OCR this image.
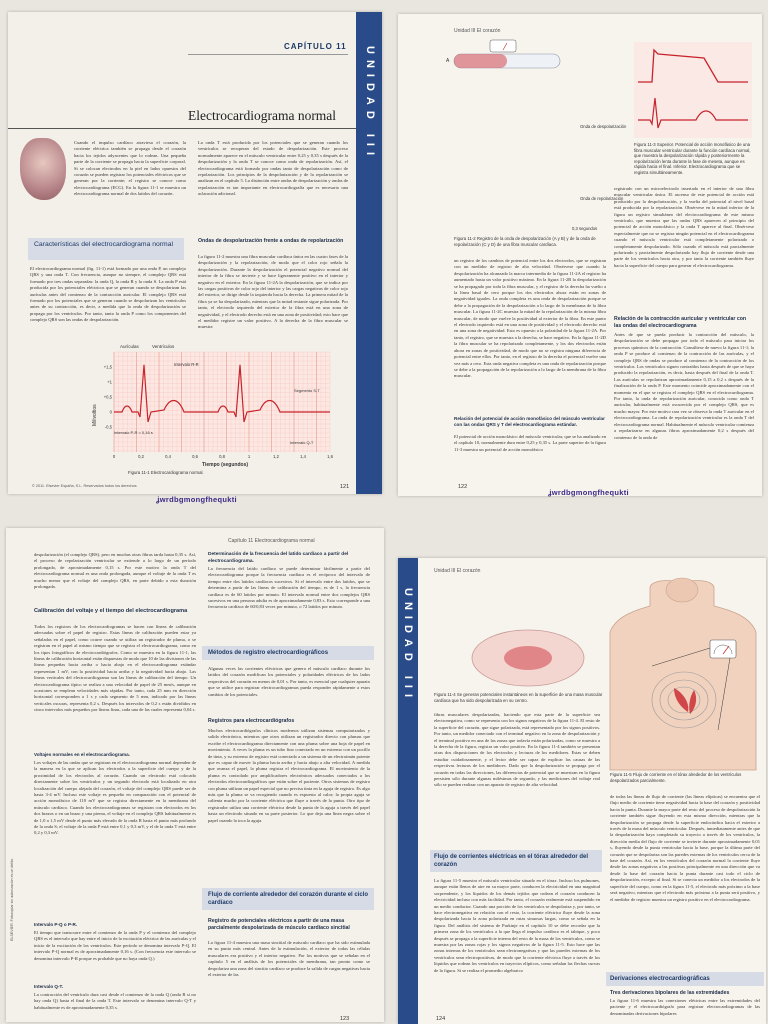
UNIDAD III
CAPÍTULO 11
Electrocardiograma normal
Cuando el impulso cardíaco atraviesa el corazón, la corriente eléctrica también se propaga desde el corazón hacia los tejidos adyacentes que lo rodean. Una pequeña parte de la corriente se propaga hacia la superficie corporal. Si se colocan electrodos en la piel en lados opuestos del corazón se pueden registrar los potenciales eléctricos que se generan por la corriente; el registro se conoce como electrocardiograma (ECG). En la figura 11-1 se muestra un electrocardiograma normal de dos latidos del corazón.
La onda T está producida por los potenciales que se generan cuando los ventrículos se recuperan del estado de despolarización. Este proceso normalmente aparece en el músculo ventricular entre 0,25 y 0,35 s después de la despolarización y la onda T se conoce como onda de repolarización. Así, el electrocardiograma está formado por ondas tanto de despolarización como de repolarización. Los principios de la despolarización y de la repolarización se analizan en el capítulo 5. La distinción entre ondas de despolarización y ondas de repolarización es tan importante en electrocardiografía que es necesario una aclaración adicional.
Características del electrocardiograma normal
El electrocardiograma normal (fig. 11-1) está formado por una onda P, un complejo QRS y una onda T. Con frecuencia, aunque no siempre, el complejo QRS está formado por tres ondas separadas: la onda Q, la onda R y la onda S. La onda P está producida por los potenciales eléctricos que se generan cuando se despolarizan las aurículas antes del comienzo de la contracción auricular. El complejo QRS está formado por los potenciales que se generan cuando se despolarizan los ventrículos antes de su contracción, es decir, a medida que la onda de despolarización se propaga por los ventrículos. Por tanto, tanto la onda P como los componentes del complejo QRS son las ondas de despolarización.
Ondas de despolarización frente a ondas de repolarización
La figura 11-2 muestra una fibra muscular cardíaca única en las cuatro fases de la despolarización y la repolarización, de modo que el color rojo señala la despolarización. Durante la despolarización el potencial negativo normal del interior de la fibra se invierte y se hace ligeramente positivo en el interior y negativo en el exterior. En la figura 11-2A la despolarización, que se indica por las cargas positivas de color rojo del interior y las cargas negativas de color rojo del exterior, se dirige desde la izquierda hacia la derecha. La primera mitad de la fibra ya se ha despolarizado, mientras que la mitad restante sigue polarizada. Por tanto, el electrodo izquierdo del exterior de la fibra está en una zona de negatividad, y el electrodo derecho está en una zona de positividad; esto hace que el medidor registre un valor positivo. A la derecha de la fibra muscular se muestra
Milivoltios
Tiempo (segundos)
Aurículas	Ventrículos
Intervalo R-R
Intervalo P-R = 0,16 s
Intervalo Q-T
Segmento S-T
+1,5
+1
+0,5
0
-0,5
0	0,2	0,4	0,6	0,8	1	1,2	1,4	1,6
Figura 11-1 Electrocardiograma normal.
© 2011. Elsevier España, S.L. Reservados todos los derechos	121
ʝwrdbgmongfhequkti
Unidad III El corazón
A
Onda de despolarización
Onda de repolarización
0,3 segundos
Figura 11-2 Registro de la onda de despolarización (A y B) y de la onda de repolarización (C y D) de una fibra muscular cardíaca.
Figura 11-3 Superior. Potencial de acción monofásico de una fibra muscular ventricular durante la función cardíaca normal, que muestra la despolarización rápida y posteriormente la repolarización lenta durante la fase de meseta, aunque es rápida hacia el final. Inferior. Electrocardiograma que se registra simultáneamente.
un registro de los cambios de potencial entre los dos electrodos, que se registran con un medidor de registro de alta velocidad. Obsérvese que cuando la despolarización ha alcanzado la marca intermedia de la figura 11-2A el registro ha aumentado hasta un valor positivo máximo. En la figura 11-2B la despolarización se ha propagado por toda la fibra muscular, y el registro de la derecha ha vuelto a la línea basal de cero porque los dos electrodos ahora están en zonas de negatividad iguales. La onda completa es una onda de despolarización porque se debe a la propagación de la despolarización a lo largo de la membrana de la fibra muscular. La figura 11-2C muestra la mitad de la repolarización de la misma fibra muscular, de modo que vuelve la positividad al exterior de la fibra. En este punto el electrodo izquierdo está en una zona de positividad y el electrodo derecho está en una zona de negatividad. Esto es opuesto a la polaridad de la figura 11-2A. Por tanto, el registro, que se muestra a la derecha, se hace negativo. En la figura 11-2D la fibra muscular se ha repolarizado completamente, y los dos electrodos están ahora en zonas de positividad, de modo que no se registra ninguna diferencia de potencial entre ellos. Por tanto, en el registro de la derecha el potencial vuelve una vez más a cero. Esta onda negativa completa es una onda de repolarización porque se debe a la propagación de la repolarización a lo largo de la membrana de la fibra muscular.
Relación del potencial de acción monofásico del músculo ventricular con las ondas QRS y T del electrocardiograma estándar.
El potencial de acción monofásico del músculo ventricular, que se ha analizado en el capítulo 10, normalmente dura entre 0,25 y 0,35 s. La parte superior de la figura 11-3 muestra un potencial de acción monofásico
registrado con un microelectrodo insertado en el interior de una fibra muscular ventricular única. El ascenso de este potencial de acción está producido por la despolarización, y la vuelta del potencial al nivel basal está producida por la repolarización. Obsérvese en la mitad inferior de la figura un registro simultáneo del electrocardiograma de este mismo ventrículo, que muestra que las ondas QRS aparecen al principio del potencial de acción monofásico y la onda T aparece al final. Obsérvese especialmente que no se registra ningún potencial en el electrocardiograma cuando el músculo ventricular está completamente polarizado o completamente despolarizado. Sólo cuando el músculo está parcialmente polarizado y parcialmente despolarizado hay flujo de corriente desde una parte de los ventrículos hacia otra, y por tanto la corriente también fluye hacia la superficie del cuerpo para generar el electrocardiograma.
Relación de la contracción auricular y ventricular con las ondas del electrocardiograma
Antes de que se pueda producir la contracción del músculo, la despolarización se debe propagar por todo el músculo para iniciar los procesos químicos de la contracción. Consúltese de nuevo la figura 11-1; la onda P se produce al comienzo de la contracción de las aurículas, y el complejo QRS de ondas se produce al comienzo de la contracción de los ventrículos. Los ventrículos siguen contraídos hasta después de que se haya producido la repolarización, es decir, hasta después del final de la onda T. Las aurículas se repolarizan aproximadamente 0,15 a 0,2 s después de la finalización de la onda P. Este momento coincide aproximadamente con el momento en el que se registra el complejo QRS en el electrocardiograma. Por tanto, la onda de repolarización auricular, conocida como onda T auricular, habitualmente está oscurecida por el complejo QRS, que es mucho mayor. Por este motivo rara vez se observa la onda T auricular en el electrocardiograma. La onda de repolarización ventricular es la onda T del electrocardiograma normal. Habitualmente el músculo ventricular comienza a repolarizarse en algunas fibras aproximadamente 0,2 s después del comienzo de la onda de
122
ʝwrdbgmongfhequkti
Capítulo 11 Electrocardiograma normal
ELSEVIER. Fotocopiar sin autorización es un delito.
despolarización (el complejo QRS), pero en muchas otras fibras tarda hasta 0,35 s. Así, el proceso de repolarización ventricular se extiende a lo largo de un período prolongado, de aproximadamente 0,15 s. Por este motivo la onda T del electrocardiograma normal es una onda prolongada, aunque el voltaje de la onda T es mucho menor que el voltaje del complejo QRS, en parte debido a esta duración prolongada.
Calibración del voltaje y el tiempo del electrocardiograma
Todos los registros de los electrocardiogramas se hacen con líneas de calibración adecuadas sobre el papel de registro. Estas líneas de calibración pueden estar ya señaladas en el papel, como ocurre cuando se utiliza un registrador de pluma, o se registran en el papel al mismo tiempo que se registra el electrocardiograma, como en los tipos fotográficos de electrocardiógrafos. Como se muestra en la figura 11-1, las líneas de calibración horizontal están dispuestas de modo que 10 de las divisiones de las líneas pequeñas hacia arriba o hacia abajo en el electrocardiograma estándar representan 1 mV, con la positividad hacia arriba y la negatividad hacia abajo. Las líneas verticales del electrocardiograma son las líneas de calibración del tiempo. Un electrocardiograma típico se realiza a una velocidad de papel de 25 mm/s, aunque en ocasiones se emplean velocidades más rápidas. Por tanto, cada 25 mm en dirección horizontal corresponden a 1 s y cada segmento de 5 mm, indicado por las líneas verticales oscuras, representa 0,2 s. Después los intervalos de 0,2 s están divididos en cinco intervalos más pequeños por líneas finas, cada una de las cuales representa 0,04 s.
Voltajes normales en el electrocardiograma.
Los voltajes de las ondas que se registran en el electrocardiograma normal dependen de la manera en la que se aplican los electrodos a la superficie del cuerpo y de la proximidad de los electrodos al corazón. Cuando un electrodo está colocado directamente sobre los ventrículos y un segundo electrodo está localizado en otra localización del cuerpo alejada del corazón, el voltaje del complejo QRS puede ser de hasta 3-4 mV. Incluso este voltaje es pequeño en comparación con el potencial de acción monofásico de 110 mV que se registra directamente en la membrana del músculo cardíaco. Cuando los electrocardiogramas se registran con electrodos en los dos brazos o en un brazo y una pierna, el voltaje en el complejo QRS habitualmente es de 1,0 a 1,5 mV desde el punto más elevado de la onda R hasta el punto más profundo de la onda S; el voltaje de la onda P está entre 0,1 y 0,3 mV, y el de la onda T está entre 0,2 y 0,3 mV.
Intervalo P-Q o P-R.
El tiempo que transcurre entre el comienzo de la onda P y el comienzo del complejo QRS es el intervalo que hay entre el inicio de la excitación eléctrica de las aurículas y el inicio de la excitación de los ventrículos. Este período se denomina intervalo P-Q. El intervalo P-Q normal es de aproximadamente 0,16 s. (Con frecuencia este intervalo se denomina intervalo P-R porque es probable que no haya onda Q.)
Intervalo Q-T.
La contracción del ventrículo dura casi desde el comienzo de la onda Q (onda R si no hay onda Q) hasta el final de la onda T. Este intervalo se denomina intervalo Q-T y habitualmente es de aproximadamente 0,35 s.
Determinación de la frecuencia del latido cardíaco a partir del electrocardiograma.
La frecuencia del latido cardíaco se puede determinar fácilmente a partir del electrocardiograma porque la frecuencia cardíaca es el recíproco del intervalo de tiempo entre dos latidos cardíacos sucesivos. Si el intervalo entre dos latidos, que se determina a partir de las líneas de calibración del tiempo, es de 1 s, la frecuencia cardíaca es de 60 latidos por minuto. El intervalo normal entre dos complejos QRS sucesivos en una persona adulta es de aproximadamente 0,83 s. Esto corresponde a una frecuencia cardíaca de 60/0,83 veces por minuto, o 72 latidos por minuto.
Métodos de registro electrocardiográficos
Algunas veces las corrientes eléctricas que genera el músculo cardíaco durante los latidos del corazón modifican los potenciales y polaridades eléctricos de los lados respectivos del corazón en menos de 0,01 s. Por tanto, es esencial que cualquier aparato que se utilice para registrar electrocardiogramas pueda responder rápidamente a estos cambios de los potenciales.
Registros para electrocardiógrafos
Muchos electrocardiógrafos clínicos modernos utilizan sistemas computarizados y salida electrónica, mientras que otros utilizan un registrador directo con plumas que escribe el electrocardiograma directamente con una pluma sobre una hoja de papel en movimiento. A veces la pluma es un tubo fino conectado en un extremo con un pocillo de tinta, y su extremo de registro está conectado a un sistema de un electroimán potente que es capaz de mover la pluma hacia arriba y hacia abajo a alta velocidad. A medida que avanza el papel, la pluma registra el electrocardiograma. El movimiento de la pluma es controlado por amplificadores electrónicos adecuados conectados a los electrodos electrocardiográficos que están sobre el paciente. Otros sistemas de registro con pluma utilizan un papel especial que no precisa tinta en la aguja de registro. Es algo más que la pluma se va recogiendo cuando es expuesto al calor; la propia aguja se calienta mucho por la corriente eléctrica que fluye a través de la punta. Otro tipo de registrador utiliza una corriente eléctrica desde la punta de la aguja a través del papel hasta un electrodo situado en su parte posterior. Lo que deja una línea negra sobre el papel cuando la toca la aguja.
Flujo de corriente alrededor del corazón durante el ciclo cardíaco
Registro de potenciales eléctricos a partir de una masa parcialmente despolarizada de músculo cardíaco sincitial
La figura 11-4 muestra una masa sincitial de músculo cardíaco que ha sido estimulada en su punto más central. Antes de la estimulación, el exterior de todas las células musculares era positivo y el interior negativo. Por los motivos que se señalan en el capítulo 5 en el análisis de los potenciales de membrana, tan pronto como se despolariza una zona del sincitio cardíaco se produce la salida de cargas negativas hacia el exterior de las
123
UNIDAD III
Unidad III El corazón
Figura 11-4 Se generan potenciales instantáneos en la superficie de una masa muscular cardíaca que ha sido despolarizada en su centro.
Figura 11-5 Flujo de corriente en el tórax alrededor de los ventrículos despolarizados parcialmente.
fibras musculares despolarizadas, haciendo que esta parte de la superficie sea electronegativa, como se representa con los signos negativos de la figura 11-4. El resto de la superficie del corazón, que sigue polarizada, está representado por los signos positivos. Por tanto, un medidor conectado con el terminal negativo en la zona de despolarización y el terminal positivo en una de las zonas que todavía están polarizadas, como se muestra a la derecha de la figura, registra un valor positivo. En la figura 11-4 también se presentan otras dos disposiciones de los electrodos y lecturas de los medidores. Estas se deben estudiar cuidadosamente, y el lector debe ser capaz de explicar las causas de las respectivas lecturas de los medidores. Dado que la despolarización se propaga por el corazón en todas las direcciones, las diferencias de potencial que se muestran en la figura persisten sólo durante algunas milésimas de segundo, y las mediciones del voltaje real sólo se pueden realizar con un aparato de registro de alta velocidad.
Flujo de corrientes eléctricas en el tórax alrededor del corazón
La figura 11-5 muestra el músculo ventricular situado en el tórax. Incluso los pulmones, aunque están llenos de aire en su mayor parte, conducen la electricidad en una magnitud sorprendente, y los líquidos de los demás tejidos que rodean el corazón conducen la electricidad incluso con más facilidad. Por tanto, el corazón realmente está suspendido en un medio conductor. Cuando una porción de los ventrículos se despolariza y, por tanto, se hace electronegativa en relación con el resto, la corriente eléctrica fluye desde la zona despolarizada hacia la zona polarizada en rutas sinuosas largas, como se señala en la figura. Del análisis del sistema de Purkinje en el capítulo 10 se debe recordar que la primera zona de los ventrículos a la que llega el impulso cardíaco es el tabique, y poco después se propaga a la superficie interna del resto de la masa de los ventrículos, como se muestra por las zonas rojas y los signos negativos de la figura 11-5. Esto hace que las zonas internas de los ventrículos sean electronegativas y que las paredes externas de los ventrículos sean electropositivas, de modo que la corriente eléctrica fluye a través de los líquidos que rodean los ventrículos en trayectos elípticos, como señalan las flechas curvas de la figura. Si se realiza el promedio algebraico
de todas las líneas de flujo de corriente (las líneas elípticas) se encuentra que el flujo medio de corriente tiene negatividad hacia la base del corazón y positividad hacia la punta. Durante la mayor parte del resto del proceso de despolarización la corriente también sigue fluyendo en esta misma dirección, mientras que la despolarización se propaga desde la superficie endocárdica hacia el exterior a través de la masa del músculo ventricular. Después, inmediatamente antes de que la despolarización haya completado su trayecto a través de los ventrículos, la dirección media del flujo de corriente se invierte durante aproximadamente 0,01 s, fluyendo desde la punta ventricular hacia la base, porque la última parte del corazón que se despolariza son las paredes externas de los ventrículos cerca de la base del corazón. Así, en los ventrículos del corazón normal la corriente fluye desde las zonas negativas a las positivas principalmente en una dirección que va desde la base del corazón hacia la punta durante casi todo el ciclo de despolarización, excepto al final. Si se conecta un medidor a los electrodos de la superficie del cuerpo, como en la figura 11-5, el electrodo más próximo a la base será negativo, mientras que el electrodo más próximo a la punta será positivo, y el medidor de registro muestra un registro positivo en el electrocardiograma.
Derivaciones electrocardiográficas
Tres derivaciones bipolares de las extremidades
La figura 11-6 muestra las conexiones eléctricas entre las extremidades del paciente y el electrocardiógrafo para registrar electrocardiogramas de las denominadas derivaciones bipolares
124
